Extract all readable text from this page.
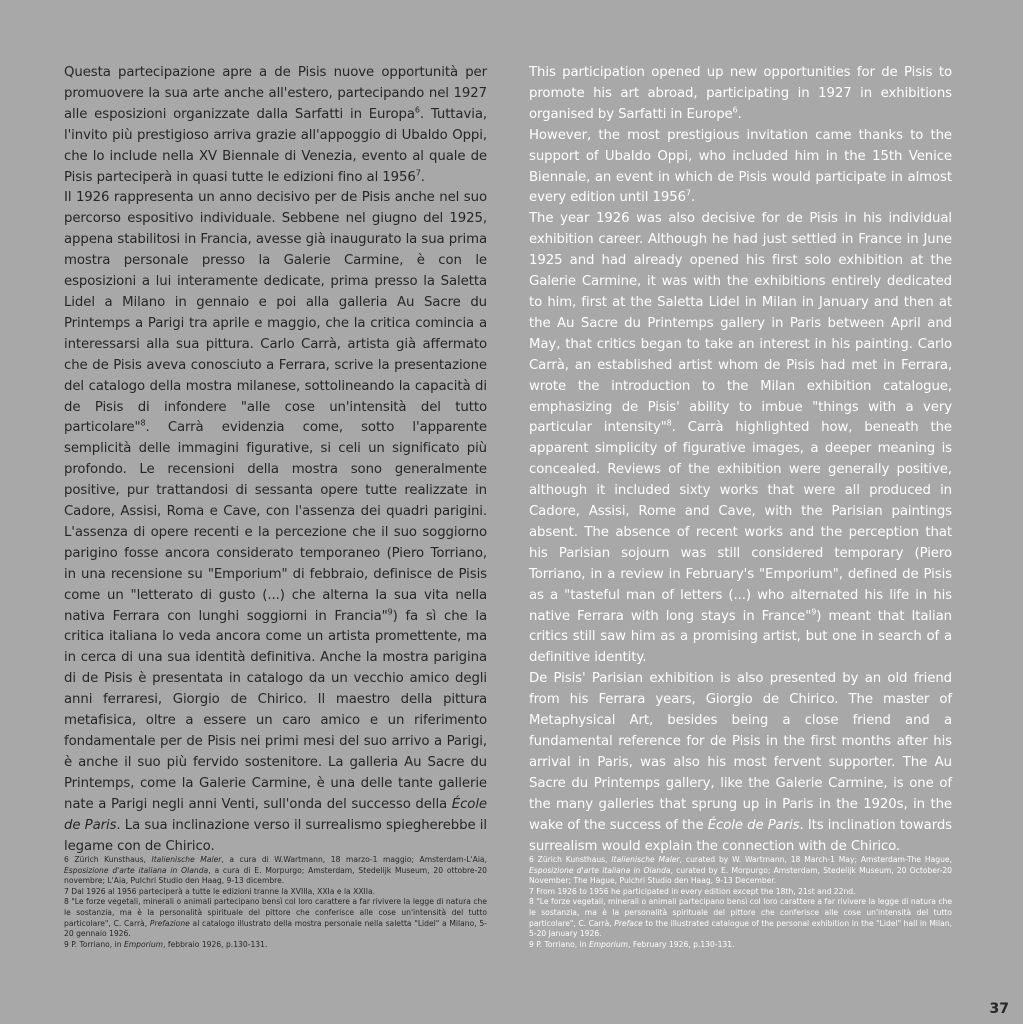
Questa partecipazione apre a de Pisis nuove opportunità per promuovere la sua arte anche all'estero, partecipando nel 1927 alle esposizioni organizzate dalla Sarfatti in Europa$^6$. Tuttavia, l'invito più prestigioso arriva grazie all'appoggio di Ubaldo Oppi, che lo include nella XV Biennale di Venezia, evento al quale de Pisis parteciperà in quasi tutte le edizioni fino al 1956$^7$.

Il 1926 rappresenta un anno decisivo per de Pisis anche nel suo percorso espositivo individuale. Sebbene nel giugno del 1925, appena stabilitosi in Francia, avesse già inaugurato la sua prima mostra personale presso la Galerie Carmine, è con le esposizioni a lui interamente dedicate, prima presso la Saletta Lidel a Milano in gennaio e poi alla galleria Au Sacre du Printemps a Parigi tra aprile e maggio, che la critica comincia a interessarsi alla sua pittura. Carlo Carrà, artista già affermato che de Pisis aveva conosciuto a Ferrara, scrive la presentazione del catalogo della mostra milanese, sottolineando la capacità di de Pisis di infondere "alle cose un'intensità del tutto particolare"$^8$. Carrà evidenzia come, sotto l'apparente semplicità delle immagini figurative, si celi un significato più profondo. Le recensioni della mostra sono generalmente positive, pur trattandosi di sessanta opere tutte realizzate in Cadore, Assisi, Roma e Cave, con l'assenza dei quadri parigini. L'assenza di opere recenti e la percezione che il suo soggiorno parigino fosse ancora considerato temporaneo (Piero Torriano, in una recensione su "Emporium" di febbraio, definisce de Pisis come un "letterato di gusto (...) che alterna la sua vita nella nativa Ferrara con lunghi soggiorni in Francia"$^9$) fa sì che la critica italiana lo veda ancora come un artista promettente, ma in cerca di una sua identità definitiva. Anche la mostra parigina di de Pisis è presentata in catalogo da un vecchio amico degli anni ferraresi, Giorgio de Chirico. Il maestro della pittura metafisica, oltre a essere un caro amico e un riferimento fondamentale per de Pisis nei primi mesi del suo arrivo a Parigi, è anche il suo più fervido sostenitore. La galleria Au Sacre du Printemps, come la Galerie Carmine, è una delle tante gallerie nate a Parigi negli anni Venti, sull'onda del successo della École de Paris. La sua inclinazione verso il surrealismo spiegherebbe il legame con de Chirico.

This participation opened up new opportunities for de Pisis to promote his art abroad, participating in 1927 in exhibitions organised by Sarfatti in Europe$^6$.

However, the most prestigious invitation came thanks to the support of Ubaldo Oppi, who included him in the 15th Venice Biennale, an event in which de Pisis would participate in almost every edition until 1956$^7$.

The year 1926 was also decisive for de Pisis in his individual exhibition career. Although he had just settled in France in June 1925 and had already opened his first solo exhibition at the Galerie Carmine, it was with the exhibitions entirely dedicated to him, first at the Saletta Lidel in Milan in January and then at the Au Sacre du Printemps gallery in Paris between April and May, that critics began to take an interest in his painting. Carlo Carrà, an established artist whom de Pisis had met in Ferrara, wrote the introduction to the Milan exhibition catalogue, emphasizing de Pisis' ability to imbue "things with a very particular intensity"$^8$. Carrà highlighted how, beneath the apparent simplicity of figurative images, a deeper meaning is concealed. Reviews of the exhibition were generally positive, although it included sixty works that were all produced in Cadore, Assisi, Rome and Cave, with the Parisian paintings absent. The absence of recent works and the perception that his Parisian sojourn was still considered temporary (Piero Torriano, in a review in February's "Emporium", defined de Pisis as a "tasteful man of letters (...) who alternated his life in his native Ferrara with long stays in France"$^9$) meant that Italian critics still saw him as a promising artist, but one in search of a definitive identity.

De Pisis' Parisian exhibition is also presented by an old friend from his Ferrara years, Giorgio de Chirico. The master of Metaphysical Art, besides being a close friend and a fundamental reference for de Pisis in the first months after his arrival in Paris, was also his most fervent supporter. The Au Sacre du Printemps gallery, like the Galerie Carmine, is one of the many galleries that sprung up in Paris in the 1920s, in the wake of the success of the École de Paris. Its inclination towards surrealism would explain the connection with de Chirico.

6 Zürich Kunsthaus, Italienische Maler, a cura di W.Wartmann, 18 marzo-1 maggio; Amsterdam-L'Aia, Esposizione d'arte italiana in Olanda, a cura di E. Morpurgo; Amsterdam, Stedelijk Museum, 20 ottobre-20 novembre; L'Aia, Pulchri Studio den Haag, 9-13 dicembre.

7 Dal 1926 al 1956 parteciperà a tutte le edizioni tranne la XVIIIa, XXIa e la XXIIa.

8 "Le forze vegetali, minerali o animali partecipano bensì col loro carattere a far rivivere la legge di natura che le sostanzia, ma è la personalità spirituale del pittore che conferisce alle cose un'intensità del tutto particolare", C. Carrà, Prefazione al catalogo illustrato della mostra personale nella saletta "Lidel" a Milano, 5-20 gennaio 1926.

9 P. Torriano, in Emporium, febbraio 1926, p.130-131.

6 Zürich Kunsthaus, Italienische Maler, curated by W. Wartmann, 18 March-1 May; Amsterdam-The Hague, Esposizione d'arte italiana in Olanda, curated by E. Morpurgo; Amsterdam, Stedelijk Museum, 20 October-20 November; The Hague, Pulchri Studio den Haag, 9-13 December.

7 From 1926 to 1956 he participated in every edition except the 18th, 21st and 22nd.

8 "Le forze vegetali, minerali o animali partecipano bensì col loro carattere a far rivivere la legge di natura che le sostanzia, ma è la personalità spirituale del pittore che conferisce alle cose un'intensità del tutto particolare", C. Carrà, Preface to the illustrated catalogue of the personal exhibition in the "Lidel" hall in Milan, 5-20 January 1926.

9 P. Torriano, in Emporium, February 1926, p.130-131.

37
